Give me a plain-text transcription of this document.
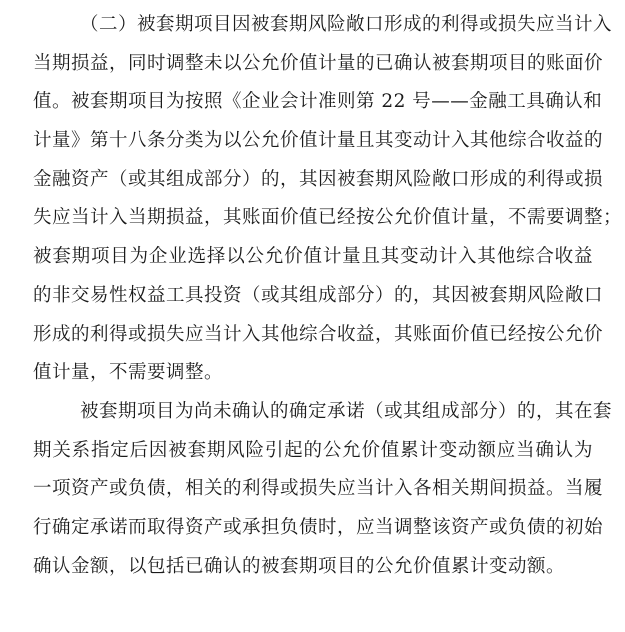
（二）被套期项目因被套期风险敞口形成的利得或损失应当计入
当期损益，同时调整未以公允价值计量的已确认被套期项目的账面价
值。被套期项目为按照《企业会计准则第 22 号——金融工具确认和
计量》第十八条分类为以公允价值计量且其变动计入其他综合收益的
金融资产（或其组成部分）的，其因被套期风险敞口形成的利得或损
失应当计入当期损益，其账面价值已经按公允价值计量，不需要调整；
被套期项目为企业选择以公允价值计量且其变动计入其他综合收益
的非交易性权益工具投资（或其组成部分）的，其因被套期风险敞口
形成的利得或损失应当计入其他综合收益，其账面价值已经按公允价
值计量，不需要调整。
被套期项目为尚未确认的确定承诺（或其组成部分）的，其在套
期关系指定后因被套期风险引起的公允价值累计变动额应当确认为
一项资产或负债，相关的利得或损失应当计入各相关期间损益。当履
行确定承诺而取得资产或承担负债时，应当调整该资产或负债的初始
确认金额，以包括已确认的被套期项目的公允价值累计变动额。
